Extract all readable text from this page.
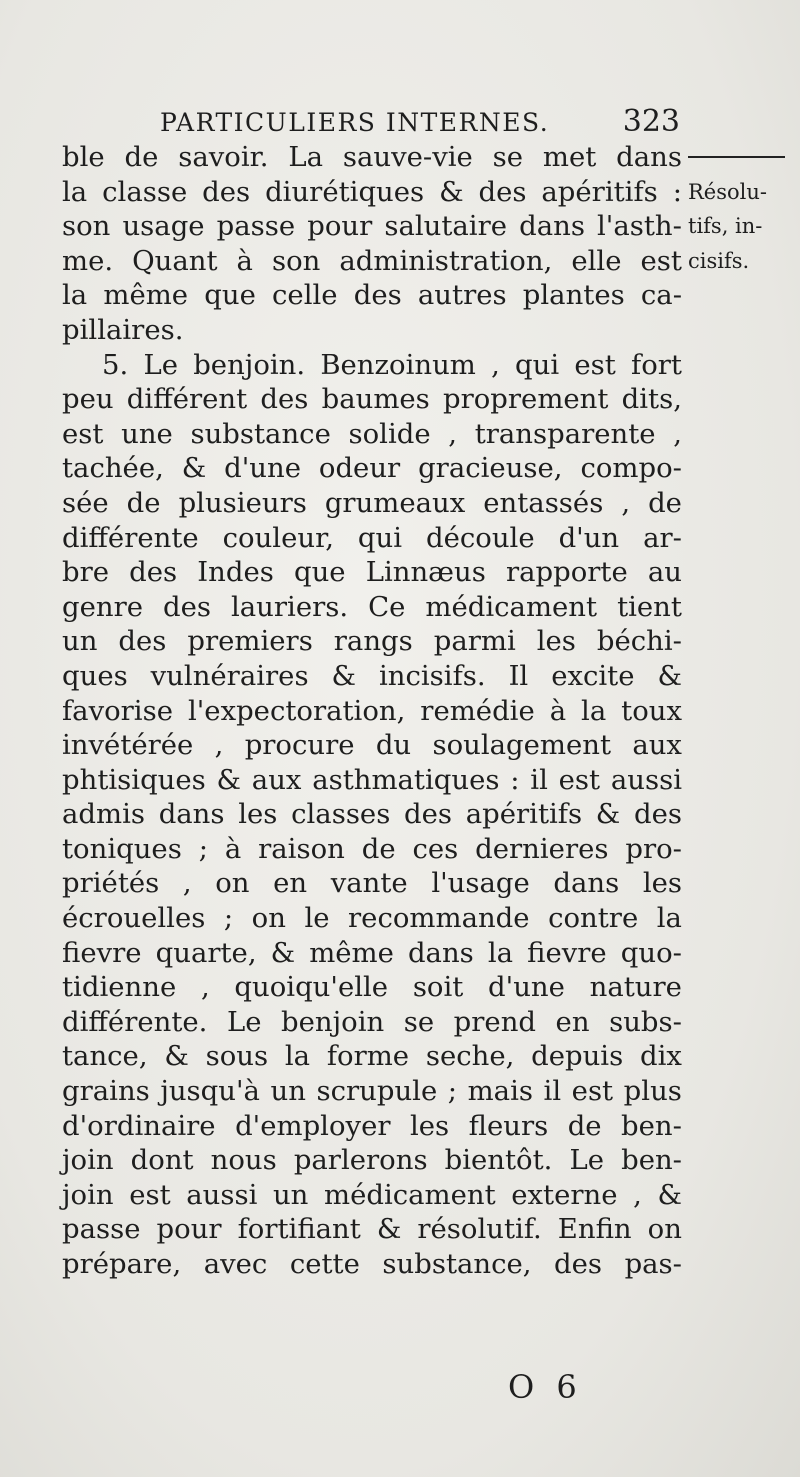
PARTICULIERS INTERNES. 323
ble de savoir. La sauve-vie se met dans
la classe des diurétiques & des apéritifs :
son usage passe pour salutaire dans l'asth-
me. Quant à son administration, elle est
la même que celle des autres plantes ca-
pillaires.
5. Le benjoin. Benzoinum , qui est fort
peu différent des baumes proprement dits,
est une substance solide , transparente ,
tachée, & d'une odeur gracieuse, compo-
sée de plusieurs grumeaux entassés , de
différente couleur, qui découle d'un ar-
bre des Indes que Linnæus rapporte au
genre des lauriers. Ce médicament tient
un des premiers rangs parmi les béchi-
ques vulnéraires & incisifs. Il excite &
favorise l'expectoration, remédie à la toux
invétérée , procure du soulagement aux
phtisiques & aux asthmatiques : il est aussi
admis dans les classes des apéritifs & des
toniques ; à raison de ces dernieres pro-
priétés , on en vante l'usage dans les
écrouelles ; on le recommande contre la
fievre quarte, & même dans la fievre quo-
tidienne , quoiqu'elle soit d'une nature
différente. Le benjoin se prend en subs-
tance, & sous la forme seche, depuis dix
grains jusqu'à un scrupule ; mais il est plus
d'ordinaire d'employer les fleurs de ben-
join dont nous parlerons bientôt. Le ben-
join est aussi un médicament externe , &
passe pour fortifiant & résolutif. Enfin on
prépare, avec cette substance, des pas-
Résolu-
tifs, in-
cisifs.
O 6
